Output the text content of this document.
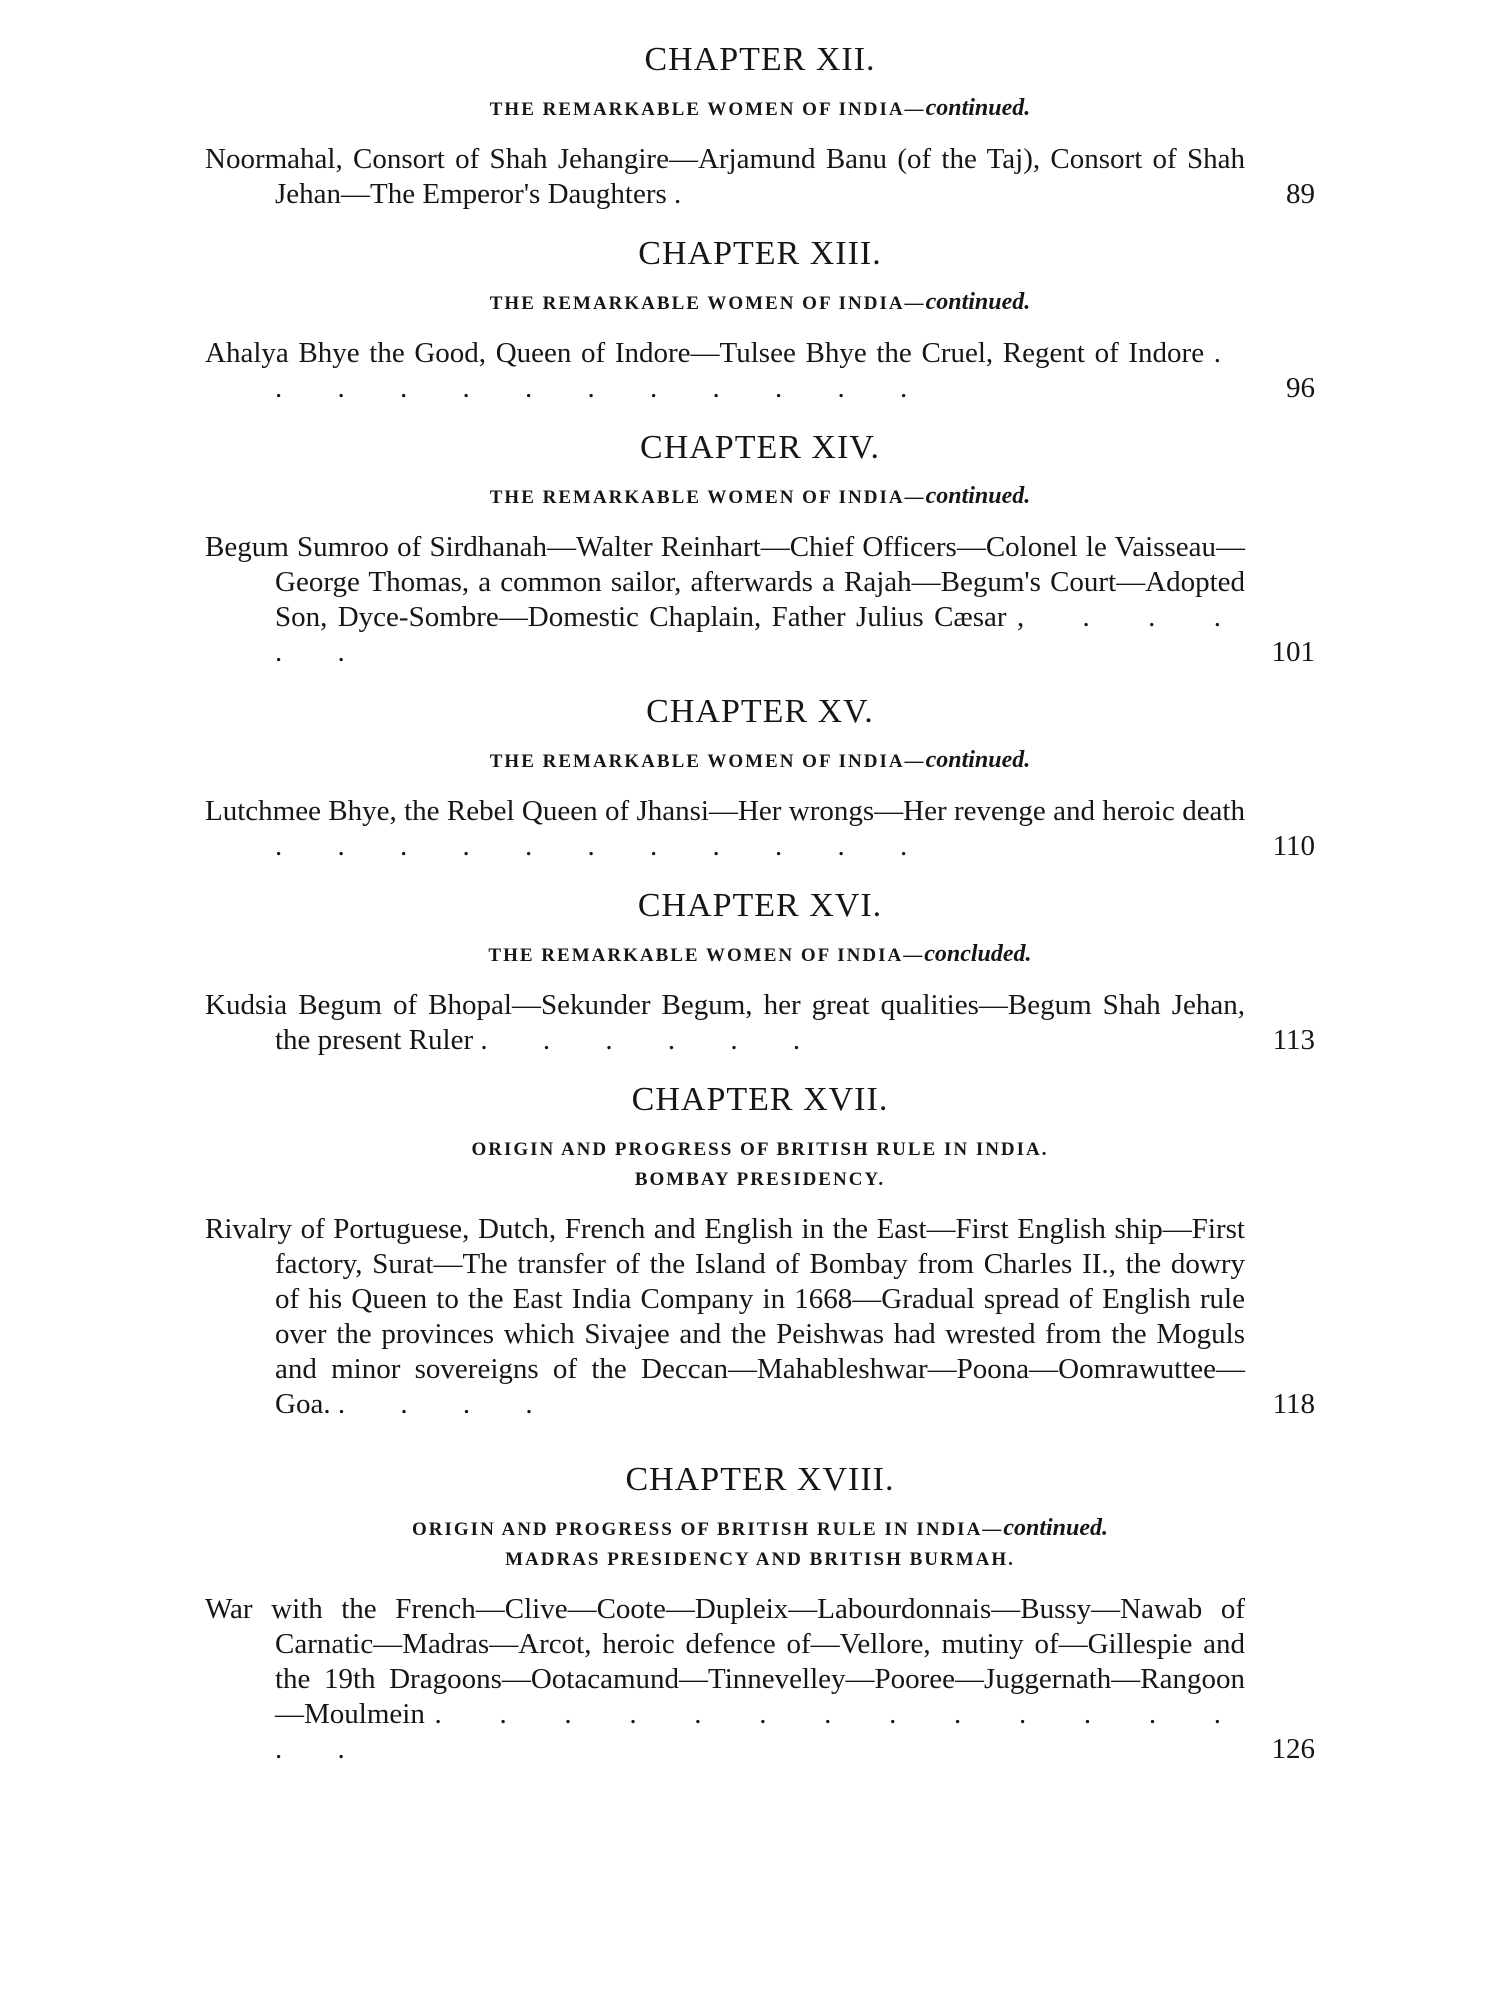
CHAPTER XII.
THE REMARKABLE WOMEN OF INDIA—continued.
Noormahal, Consort of Shah Jehangire—Arjamund Banu (of the Taj), Consort of Shah Jehan—The Emperor's Daughters .	89
CHAPTER XIII.
THE REMARKABLE WOMEN OF INDIA—continued.
Ahalya Bhye the Good, Queen of Indore—Tulsee Bhye the Cruel, Regent of Indore . . . . . . . . . . . .	96
CHAPTER XIV.
THE REMARKABLE WOMEN OF INDIA—continued.
Begum Sumroo of Sirdhanah—Walter Reinhart—Chief Officers—Colonel le Vaisseau—George Thomas, a common sailor, afterwards a Rajah—Begum's Court—Adopted Son, Dyce-Sombre—Domestic Chaplain, Father Julius Cæsar , . . . . .	101
CHAPTER XV.
THE REMARKABLE WOMEN OF INDIA—continued.
Lutchmee Bhye, the Rebel Queen of Jhansi—Her wrongs—Her revenge and heroic death . . . . . . . . . . .	110
CHAPTER XVI.
THE REMARKABLE WOMEN OF INDIA—concluded.
Kudsia Begum of Bhopal—Sekunder Begum, her great qualities—Begum Shah Jehan, the present Ruler . . . . . .	113
CHAPTER XVII.
ORIGIN AND PROGRESS OF BRITISH RULE IN INDIA.
BOMBAY PRESIDENCY.
Rivalry of Portuguese, Dutch, French and English in the East—First English ship—First factory, Surat—The transfer of the Island of Bombay from Charles II., the dowry of his Queen to the East India Company in 1668—Gradual spread of English rule over the provinces which Sivajee and the Peishwas had wrested from the Moguls and minor sovereigns of the Deccan—Mahableshwar—Poona—Oomrawuttee—Goa. . . . .	118
CHAPTER XVIII.
ORIGIN AND PROGRESS OF BRITISH RULE IN INDIA—continued.
MADRAS PRESIDENCY AND BRITISH BURMAH.
War with the French—Clive—Coote—Dupleix—Labourdonnais—Bussy—Nawab of Carnatic—Madras—Arcot, heroic defence of—Vellore, mutiny of—Gillespie and the 19th Dragoons—Ootacamund—Tinnevelley—Pooree—Juggernath—Rangoon—Moulmein . . . . . . . . . . . . . . .	126
